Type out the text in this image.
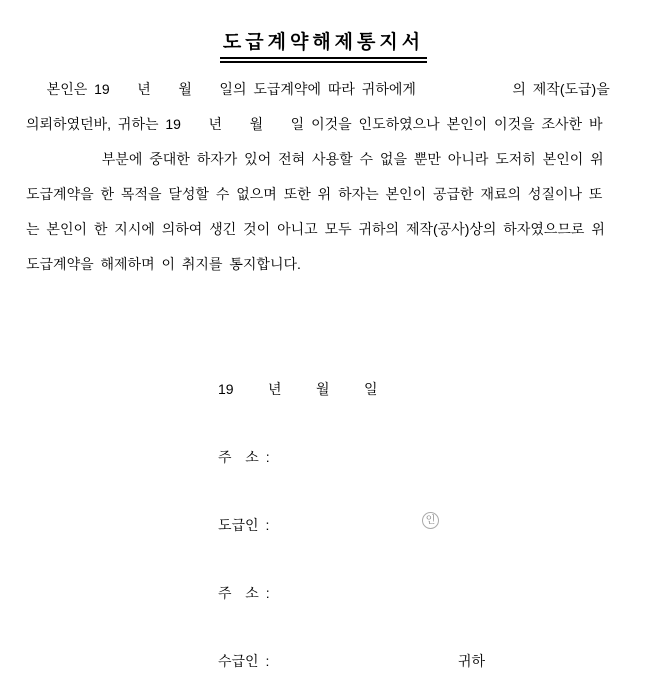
도급계약해제통지서
본인은 19    년    월    일의 도급계약에 따라 귀하에게              의 제작(도급)을
의뢰하였던바, 귀하는 19    년    월    일 이것을 인도하였으나 본인이 이것을 조사한 바
부분에 중대한 하자가 있어 전혀 사용할 수 없을 뿐만 아니라 도저히 본인이 위
도급계약을 한 목적을 달성할 수 없으며 또한 위 하자는 본인이 공급한 재료의 성질이나 또
는 본인이 한 지시에 의하여 생긴 것이 아니고 모두 귀하의 제작(공사)상의 하자였으므로 위
도급계약을 해제하며 이 취지를 통지합니다.
19     년     월     일
주  소 :
도급인 :	인
주  소 :
수급인 :	귀하
